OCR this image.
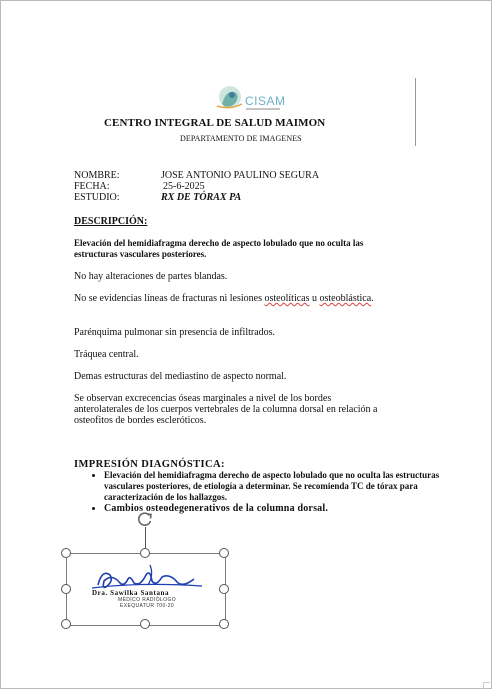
CISAM
CENTRO INTEGRAL DE SALUD MAIMON
DEPARTAMENTO DE IMAGENES
NOMBRE:	JOSE ANTONIO PAULINO SEGURA
FECHA:	25-6-2025
ESTUDIO:	RX DE TÓRAX PA
DESCRIPCIÓN:
Elevación del hemidiafragma derecho de aspecto lobulado que no oculta las estructuras vasculares posteriores.
No hay alteraciones de partes blandas.
No se evidencias líneas de fracturas ni lesiones osteolíticas u osteoblástica.
Parénquima pulmonar sin presencia de infiltrados.
Tráquea central.
Demas estructuras del mediastino de aspecto normal.
Se observan excrecencias óseas marginales a nivel de los bordes anterolaterales de los cuerpos vertebrales de la columna dorsal en relación a osteofitos de bordes escleróticos.
IMPRESIÓN DIAGNÓSTICA:
• Elevación del hemidiafragma derecho de aspecto lobulado que no oculta las estructuras vasculares posteriores, de etiología a determinar. Se recomienda TC de tórax para caracterización de los hallazgos.
• Cambios osteodegenerativos de la columna dorsal.
Dra. Sawilka Santana
MÉDICO RADIÓLOGO
EXEQUATUR 700-20
